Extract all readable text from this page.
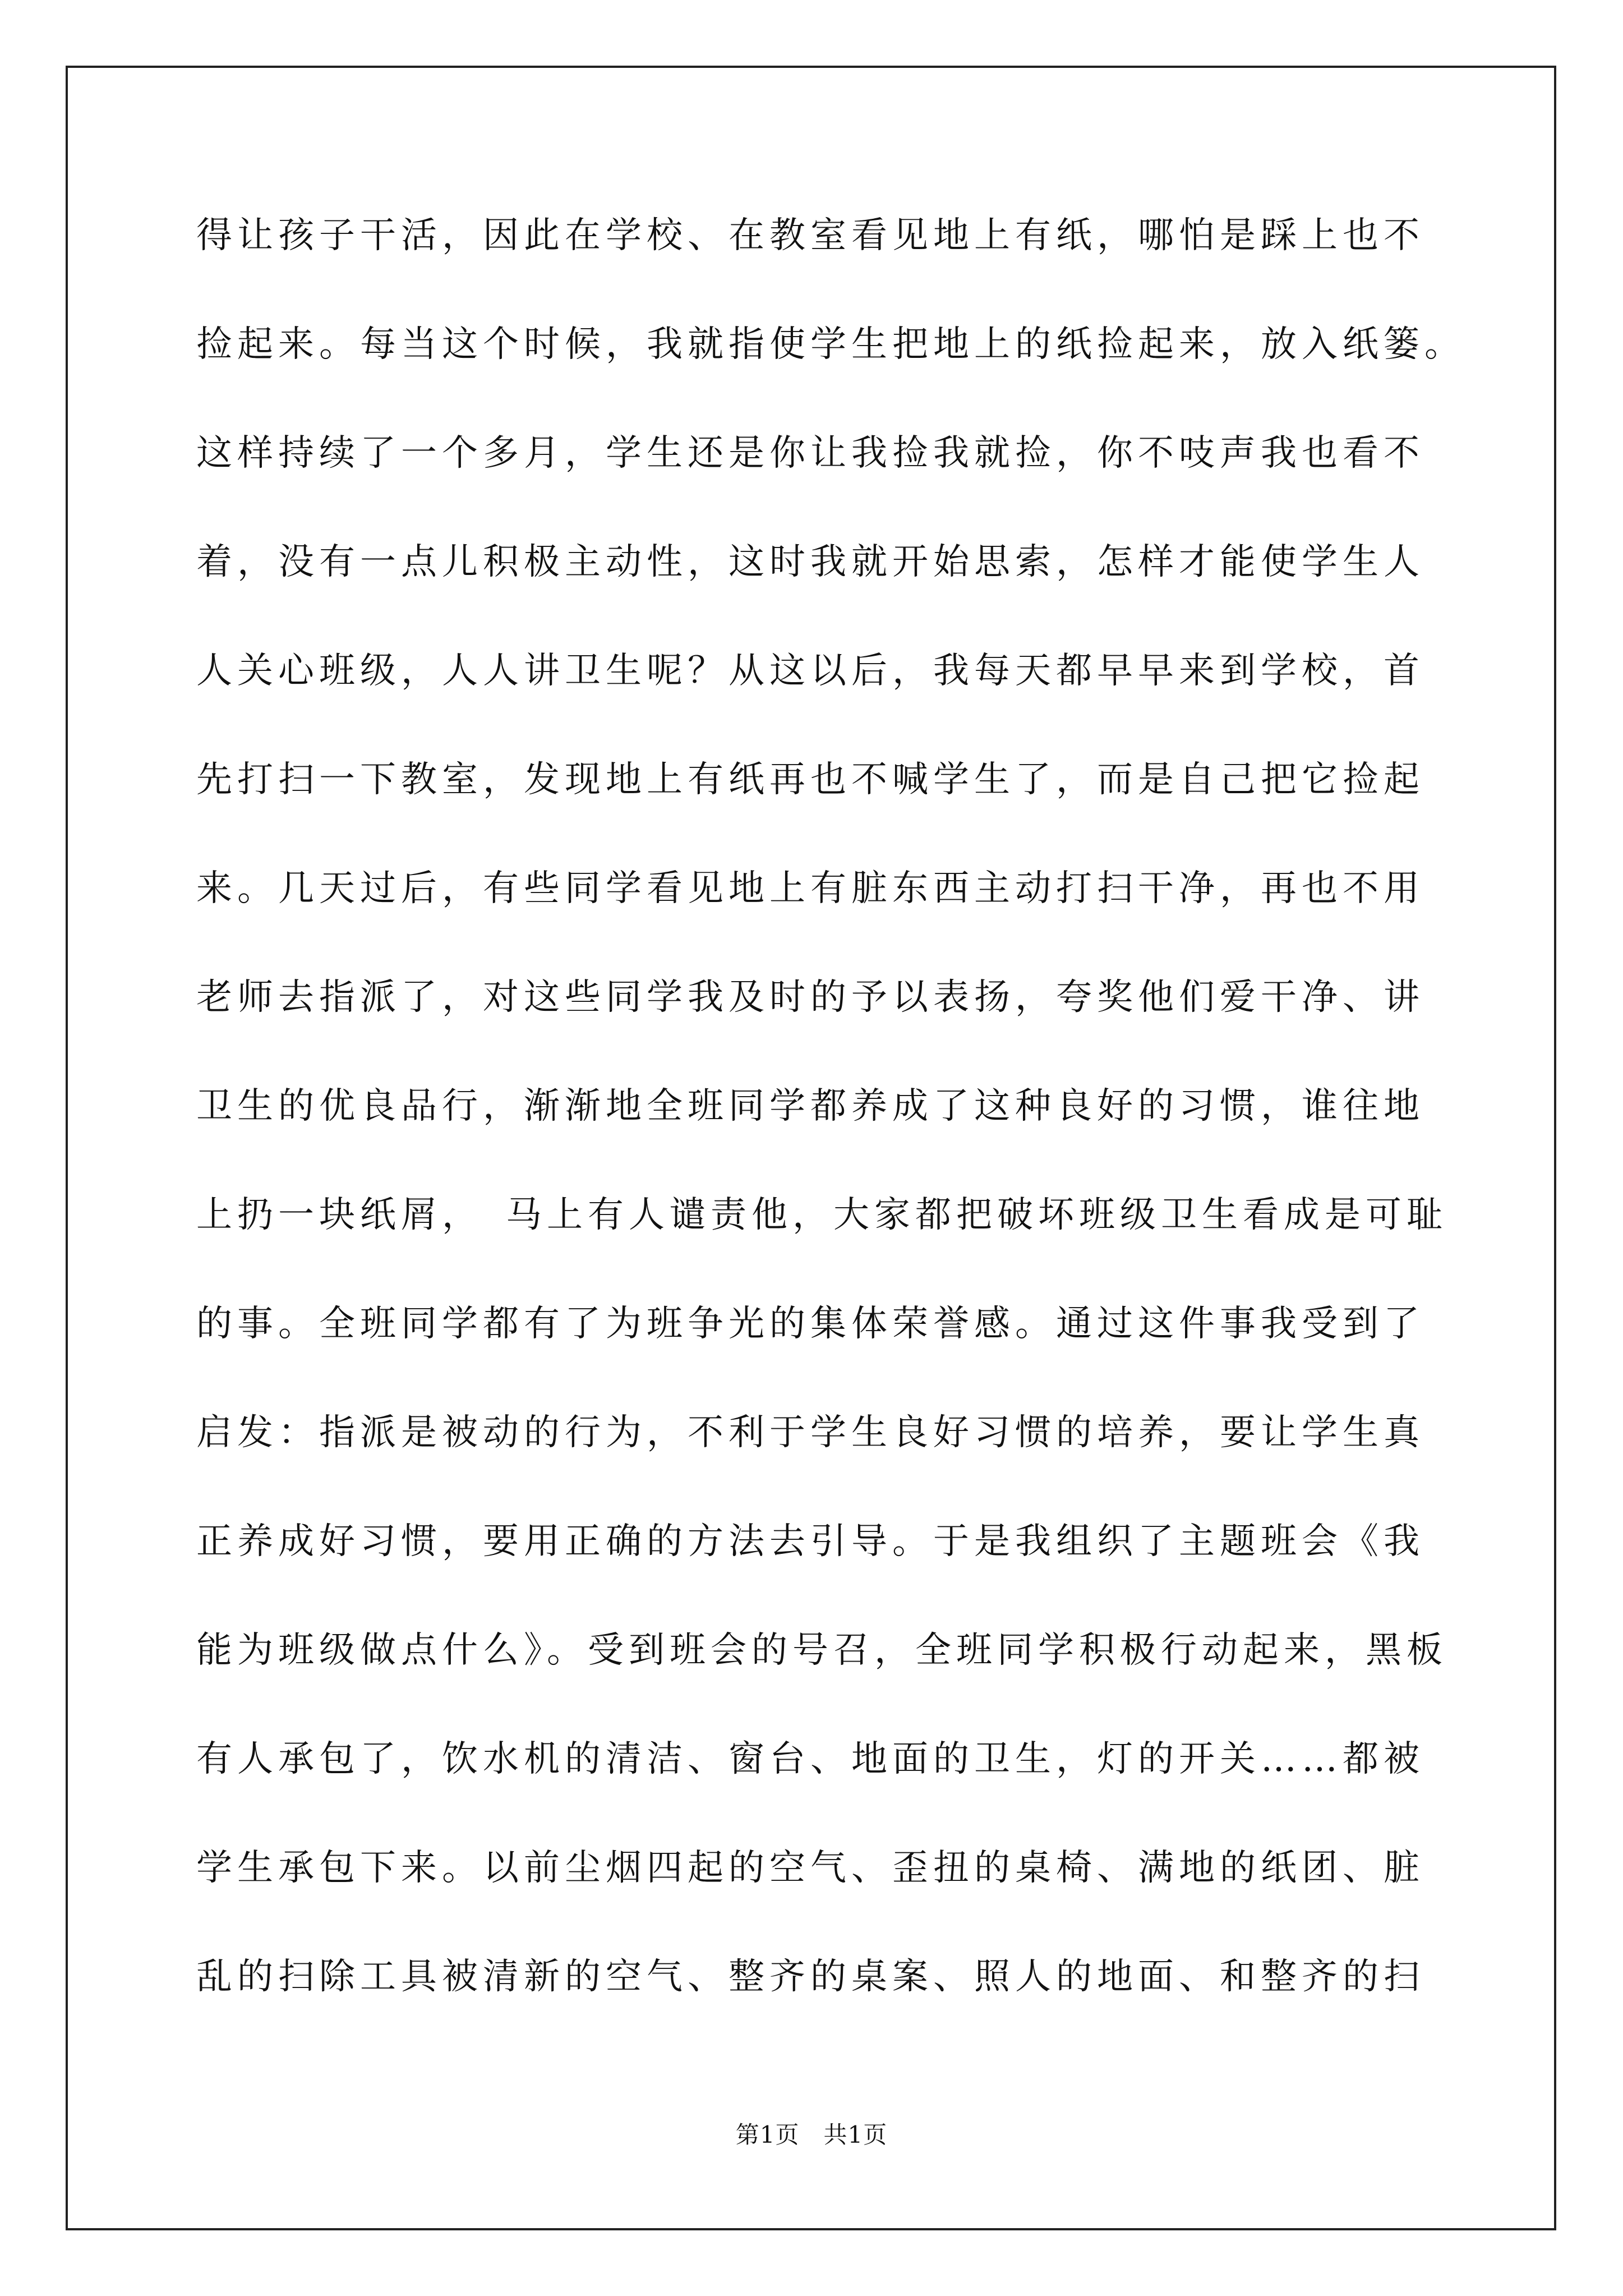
得让孩子干活，因此在学校、在教室看见地上有纸，哪怕是踩上也不
捡起来。每当这个时候，我就指使学生把地上的纸捡起来，放入纸篓。
这样持续了一个多月，学生还是你让我捡我就捡，你不吱声我也看不
着，没有一点儿积极主动性，这时我就开始思索，怎样才能使学生人
人关心班级，人人讲卫生呢？从这以后，我每天都早早来到学校，首
先打扫一下教室，发现地上有纸再也不喊学生了，而是自己把它捡起
来。几天过后，有些同学看见地上有脏东西主动打扫干净，再也不用
老师去指派了，对这些同学我及时的予以表扬，夸奖他们爱干净、讲
卫生的优良品行，渐渐地全班同学都养成了这种良好的习惯，谁往地
上扔一块纸屑，　马上有人谴责他，大家都把破坏班级卫生看成是可耻
的事。全班同学都有了为班争光的集体荣誉感。通过这件事我受到了
启发：指派是被动的行为，不利于学生良好习惯的培养，要让学生真
正养成好习惯，要用正确的方法去引导。于是我组织了主题班会《我
能为班级做点什么》。受到班会的号召，全班同学积极行动起来，黑板
有人承包了，饮水机的清洁、窗台、地面的卫生，灯的开关……都被
学生承包下来。以前尘烟四起的空气、歪扭的桌椅、满地的纸团、脏
乱的扫除工具被清新的空气、整齐的桌案、照人的地面、和整齐的扫
第1页　共1页
